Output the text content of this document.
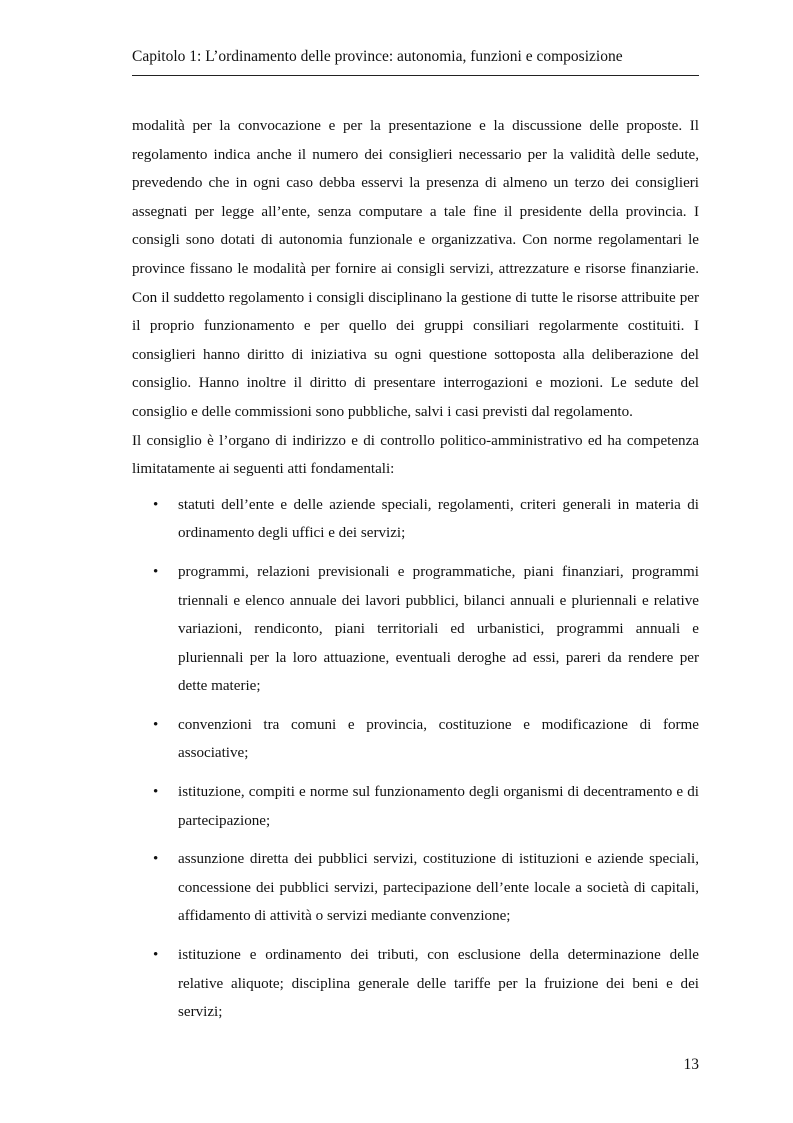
Capitolo 1: L’ordinamento delle province: autonomia, funzioni e composizione

modalità per la convocazione e per la presentazione e la discussione delle proposte. Il regolamento indica anche il numero dei consiglieri necessario per la validità delle sedute, prevedendo che in ogni caso debba esservi la presenza di almeno un terzo dei consiglieri assegnati per legge all’ente, senza computare a tale fine il presidente della provincia. I consigli sono dotati di autonomia funzionale e organizzativa. Con norme regolamentari le province fissano le modalità per fornire ai consigli servizi, attrezzature e risorse finanziarie. Con il suddetto regolamento i consigli disciplinano la gestione di tutte le risorse attribuite per il proprio funzionamento e per quello dei gruppi consiliari regolarmente costituiti. I consiglieri hanno diritto di iniziativa su ogni questione sottoposta alla deliberazione del consiglio. Hanno inoltre il diritto di presentare interrogazioni e mozioni. Le sedute del consiglio e delle commissioni sono pubbliche, salvi i casi previsti dal regolamento.

Il consiglio è l’organo di indirizzo e di controllo politico-amministrativo ed ha competenza limitatamente ai seguenti atti fondamentali:

• statuti dell’ente e delle aziende speciali, regolamenti, criteri generali in materia di ordinamento degli uffici e dei servizi;
• programmi, relazioni previsionali e programmatiche, piani finanziari, programmi triennali e elenco annuale dei lavori pubblici, bilanci annuali e pluriennali e relative variazioni, rendiconto, piani territoriali ed urbanistici, programmi annuali e pluriennali per la loro attuazione, eventuali deroghe ad essi, pareri da rendere per dette materie;
• convenzioni tra comuni e provincia, costituzione e modificazione di forme associative;
• istituzione, compiti e norme sul funzionamento degli organismi di decentramento e di partecipazione;
• assunzione diretta dei pubblici servizi, costituzione di istituzioni e aziende speciali, concessione dei pubblici servizi, partecipazione dell’ente locale a società di capitali, affidamento di attività o servizi mediante convenzione;
• istituzione e ordinamento dei tributi, con esclusione della determinazione delle relative aliquote; disciplina generale delle tariffe per la fruizione dei beni e dei servizi;
13
